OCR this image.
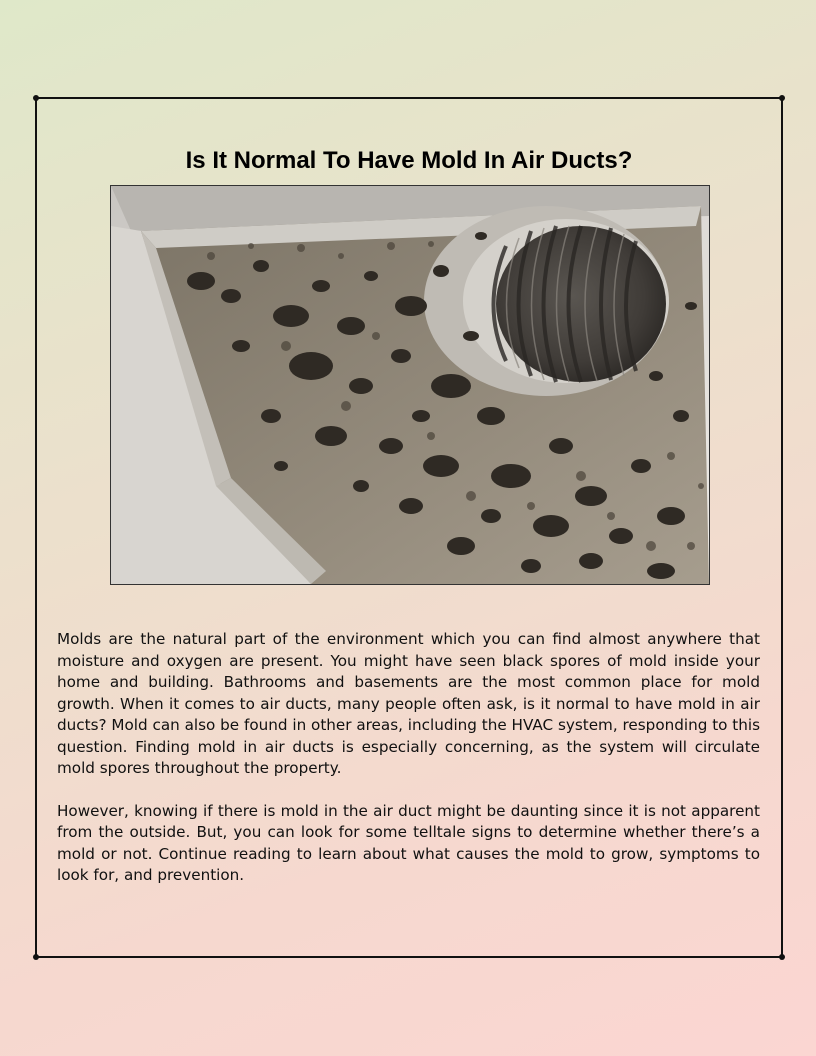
Is It Normal To Have Mold In Air Ducts?

Molds are the natural part of the environment which you can find almost anywhere that moisture and oxygen are present. You might have seen black spores of mold inside your home and building. Bathrooms and basements are the most common place for mold growth. When it comes to air ducts, many people often ask, is it normal to have mold in air ducts? Mold can also be found in other areas, including the HVAC system, responding to this question. Finding mold in air ducts is especially concerning, as the system will circulate mold spores throughout the property.

However, knowing if there is mold in the air duct might be daunting since it is not apparent from the outside. But, you can look for some telltale signs to determine whether there’s a mold or not. Continue reading to learn about what causes the mold to grow, symptoms to look for, and prevention.
